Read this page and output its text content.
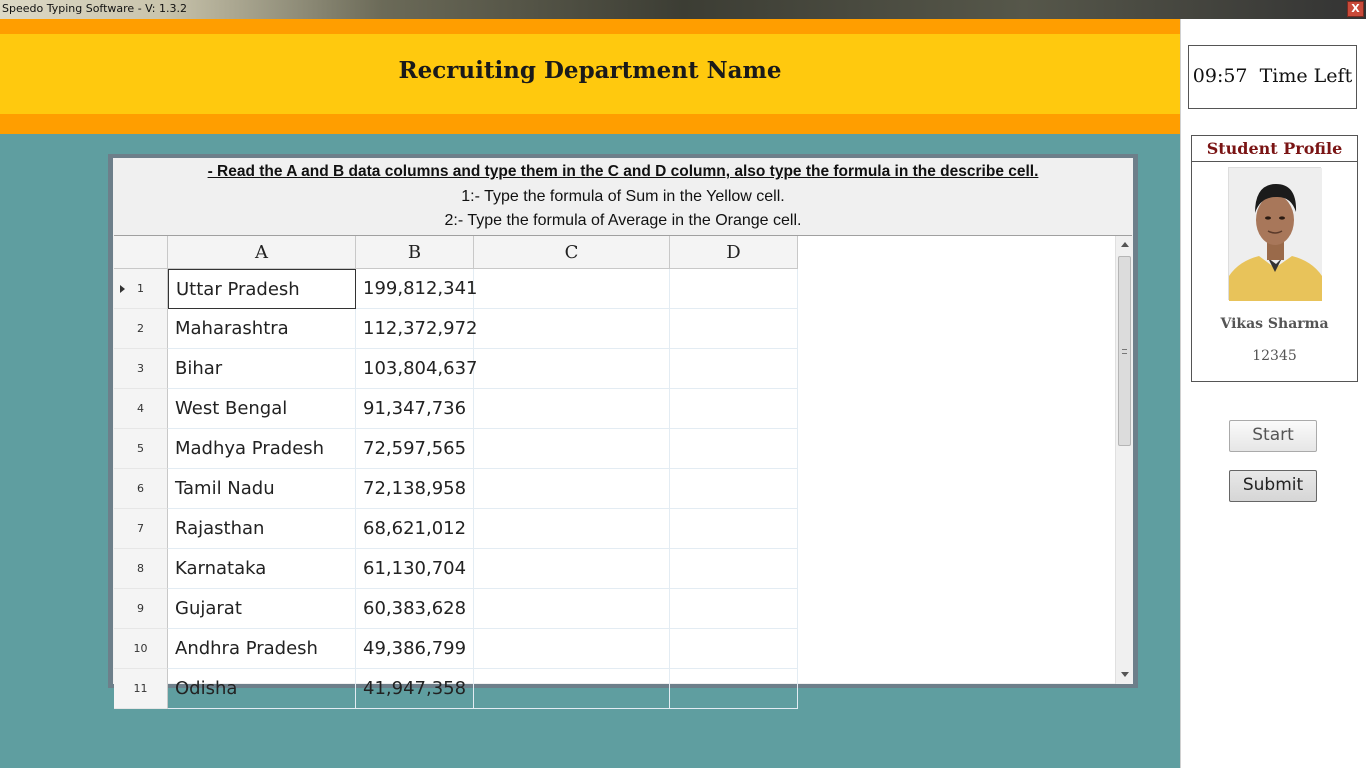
Speedo Typing Software - V: 1.3.2	X
Recruiting Department Name
- Read the A and B data columns and type them in the C and D column, also type the formula in the describe cell.
1:- Type the formula of Sum in the Yellow cell.
2:- Type the formula of Average in the Orange cell.
A	B	C	D
1	Uttar Pradesh	199,812,341
2	Maharashtra	112,372,972
3	Bihar	103,804,637
4	West Bengal	91,347,736
5	Madhya Pradesh	72,597,565
6	Tamil Nadu	72,138,958
7	Rajasthan	68,621,012
8	Karnataka	61,130,704
9	Gujarat	60,383,628
10	Andhra Pradesh	49,386,799
11	Odisha	41,947,358
09:57 Time Left
Student Profile
Vikas Sharma
12345
Start
Submit
